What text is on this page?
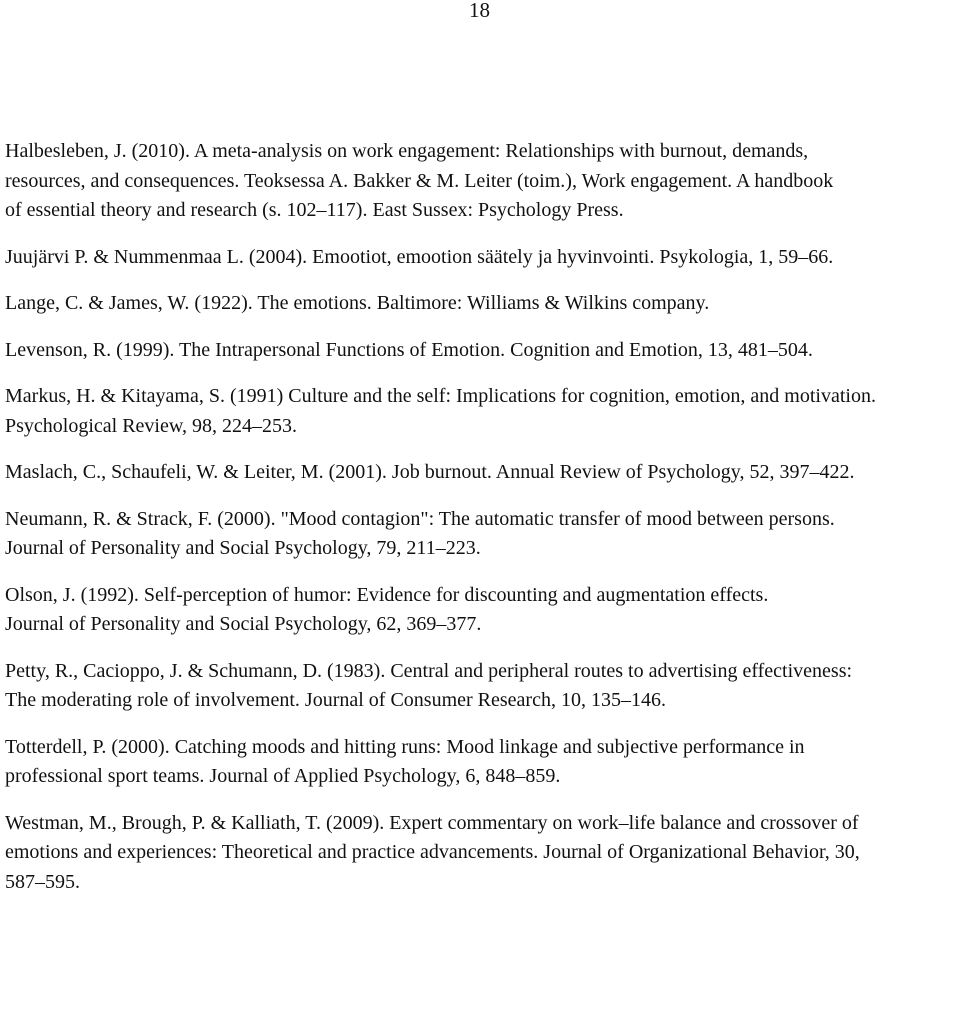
18

Halbesleben, J. (2010). A meta-analysis on work engagement: Relationships with burnout, demands,
resources, and consequences. Teoksessa A. Bakker & M. Leiter (toim.), Work engagement. A handbook
of essential theory and research (s. 102–117). East Sussex: Psychology Press.

Juujärvi P. & Nummenmaa L. (2004). Emootiot, emootion säätely ja hyvinvointi. Psykologia, 1, 59–66.

Lange, C. & James, W. (1922). The emotions. Baltimore: Williams & Wilkins company.

Levenson, R. (1999). The Intrapersonal Functions of Emotion. Cognition and Emotion, 13, 481–504.

Markus, H. & Kitayama, S. (1991) Culture and the self: Implications for cognition, emotion, and motivation.
Psychological Review, 98, 224–253.

Maslach, C., Schaufeli, W. & Leiter, M. (2001). Job burnout. Annual Review of Psychology, 52, 397–422.

Neumann, R. & Strack, F. (2000). "Mood contagion": The automatic transfer of mood between persons.
Journal of Personality and Social Psychology, 79, 211–223.

Olson, J. (1992). Self-perception of humor: Evidence for discounting and augmentation effects.
Journal of Personality and Social Psychology, 62, 369–377.

Petty, R., Cacioppo, J. & Schumann, D. (1983). Central and peripheral routes to advertising effectiveness:
The moderating role of involvement. Journal of Consumer Research, 10, 135–146.

Totterdell, P. (2000). Catching moods and hitting runs: Mood linkage and subjective performance in
professional sport teams. Journal of Applied Psychology, 6, 848–859.

Westman, M., Brough, P. & Kalliath, T. (2009). Expert commentary on work–life balance and crossover of
emotions and experiences: Theoretical and practice advancements. Journal of Organizational Behavior, 30,
587–595.
